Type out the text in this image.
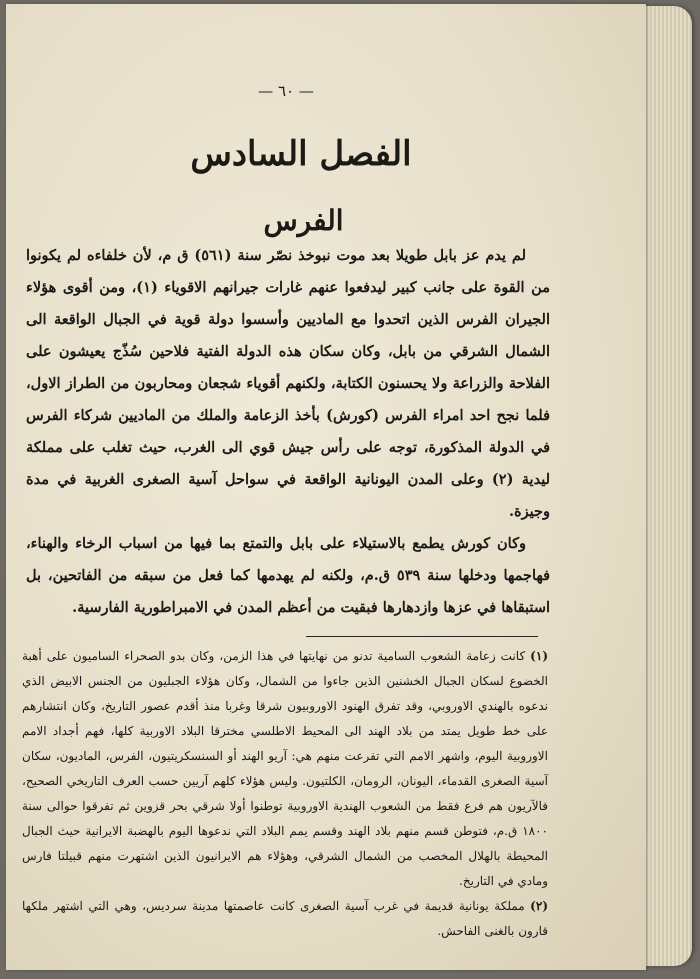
— ٦٠ —
الفصل السادس
الفرس

لم يدم عز بابل طويلا بعد موت نبوخذ نصّر سنة (٥٦١) ق م، لأن خلفاءه لم يكونوا من القوة على جانب كبير ليدفعوا عنهم غارات جيرانهم الاقوياء (١)، ومن أقوى هؤلاء الجيران الفرس الذين اتحدوا مع الماديين وأسسوا دولة قوية في الجبال الواقعة الى الشمال الشرقي من بابل، وكان سكان هذه الدولة الفتية فلاحين سُذّج يعيشون على الفلاحة والزراعة ولا يحسنون الكتابة، ولكنهم أقوياء شجعان ومحاربون من الطراز الاول، فلما نجح احد امراء الفرس (كورش) بأخذ الزعامة والملك من الماديين شركاء الفرس في الدولة المذكورة، توجه على رأس جيش قوي الى الغرب، حيث تغلب على مملكة ليدية (٢) وعلى المدن اليونانية الواقعة في سواحل آسية الصغرى الغربية في مدة وجيزة.

وكان كورش يطمع بالاستيلاء على بابل والتمتع بما فيها من اسباب الرخاء والهناء، فهاجمها ودخلها سنة ٥٣٩ ق.م، ولكنه لم يهدمها كما فعل من سبقه من الفاتحين، بل استبقاها في عزها وازدهارها فبقيت من أعظم المدن في الامبراطورية الفارسية.

(١) كانت زعامة الشعوب السامية تدنو من نهايتها في هذا الزمن، وكان بدو الصحراء الساميون على أهبة الخضوع لسكان الجبال الخشنين الذين جاءوا من الشمال، وكان هؤلاء الجبليون من الجنس الابيض الذي ندعوه بالهندي الاوروبي، وقد تفرق الهنود الاوروبيون شرقا وغربا منذ أقدم عصور التاريخ، وكان انتشارهم على خط طويل يمتد من بلاد الهند الى المحيط الاطلسي مخترقا البلاد الاوربية كلها، فهم أجداد الامم الاوروبية اليوم، واشهر الامم التي تفرعت منهم هي: آريو الهند أو السنسكريتيون، الفرس، الماديون، سكان آسية الصغرى القدماء، اليونان، الرومان، الكلتيون. وليس هؤلاء كلهم آريين حسب العرف التاريخي الصحيح، فالآريون هم فرع فقط من الشعوب الهندية الاوروبية توطنوا أولا شرقي بحر قزوين ثم تفرقوا حوالى سنة ١٨٠٠ ق.م، فتوطن قسم منهم بلاد الهند وقسم يمم البلاد التي ندعوها اليوم بالهضبة الايرانية حيث الجبال المحيطة بالهلال المخصب من الشمال الشرقي، وهؤلاء هم الايرانيون الذين اشتهرت منهم قبيلتا فارس ومادي في التاريخ.

(٢) مملكة يونانية قديمة في غرب آسية الصغرى كانت عاصمتها مدينة سرديس، وهي التي اشتهر ملكها قارون بالغنى الفاحش.
